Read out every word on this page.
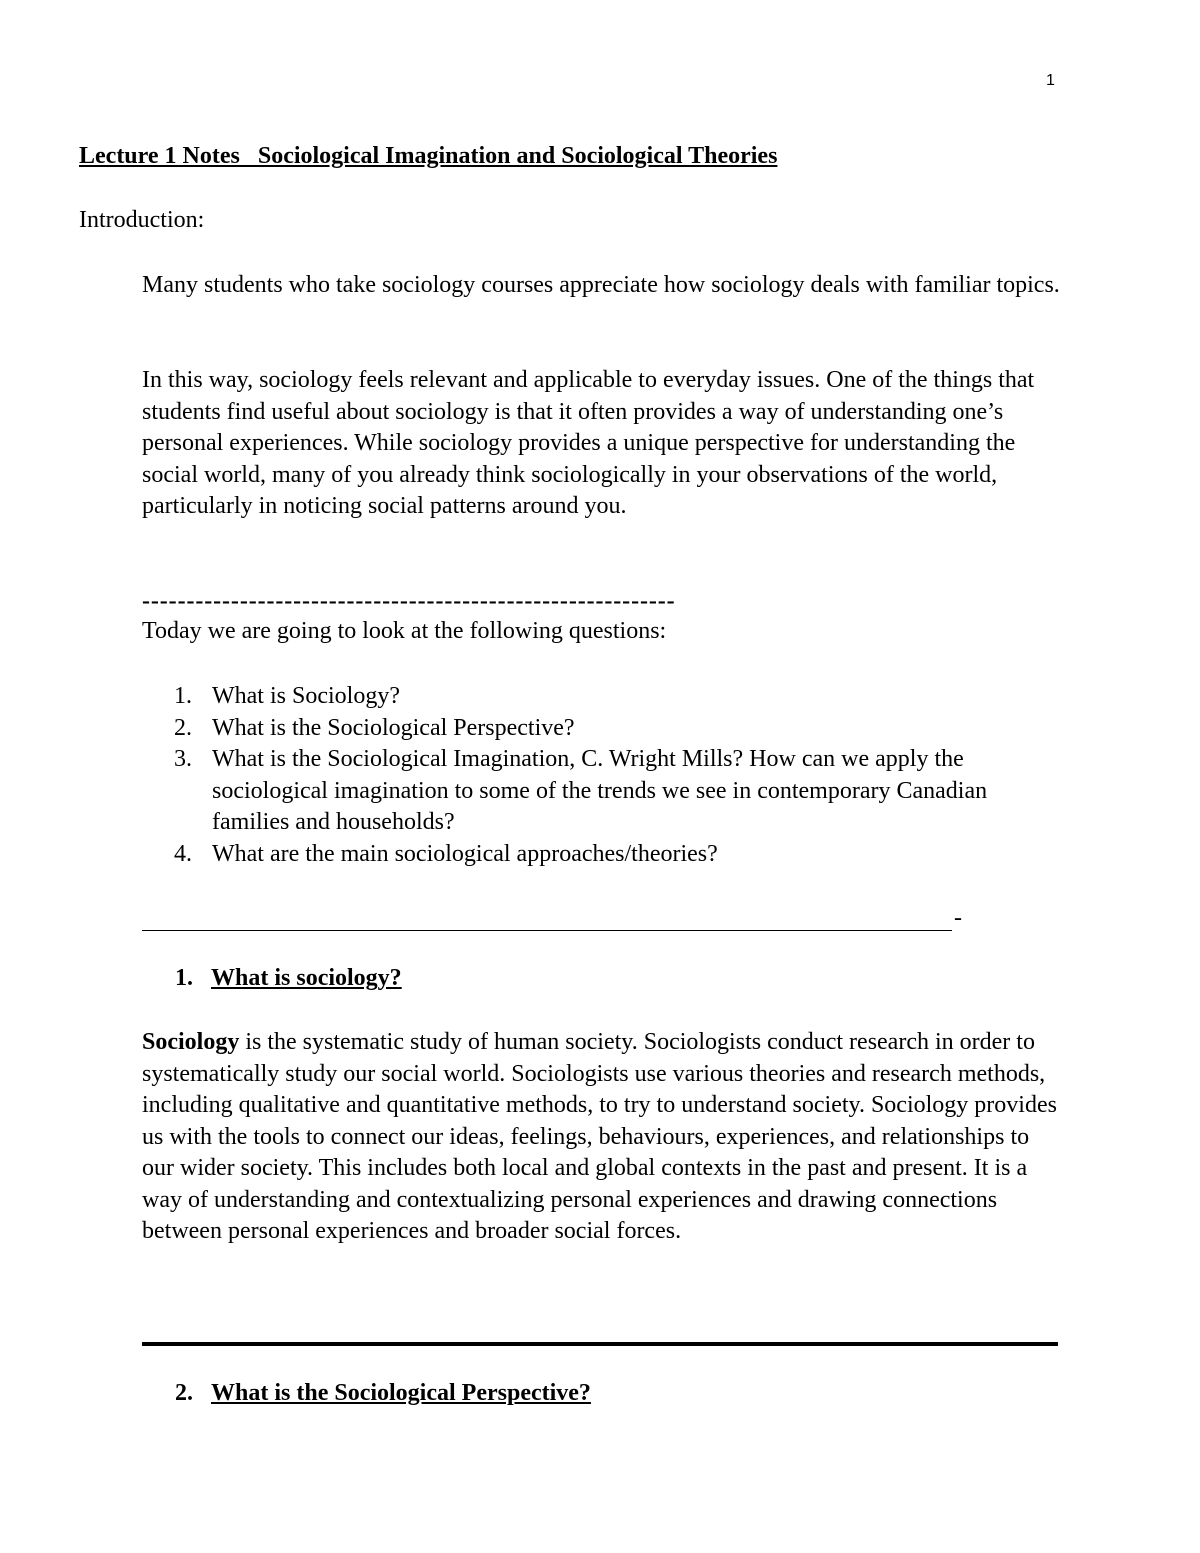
1
Lecture 1 Notes   Sociological Imagination and Sociological Theories
Introduction:
Many students who take sociology courses appreciate how sociology deals with familiar topics.
In this way, sociology feels relevant and applicable to everyday issues. One of the things that students find useful about sociology is that it often provides a way of understanding one’s personal experiences. While sociology provides a unique perspective for understanding the social world, many of you already think sociologically in your observations of the world, particularly in noticing social patterns around you.
------------------------------------------------------------
Today we are going to look at the following questions:
1. What is Sociology?
2. What is the Sociological Perspective?
3. What is the Sociological Imagination, C. Wright Mills? How can we apply the sociological imagination to some of the trends we see in contemporary Canadian families and households?
4. What are the main sociological approaches/theories?
-
1. What is sociology?
Sociology is the systematic study of human society. Sociologists conduct research in order to systematically study our social world. Sociologists use various theories and research methods, including qualitative and quantitative methods, to try to understand society. Sociology provides us with the tools to connect our ideas, feelings, behaviours, experiences, and relationships to our wider society. This includes both local and global contexts in the past and present. It is a way of understanding and contextualizing personal experiences and drawing connections between personal experiences and broader social forces.
2. What is the Sociological Perspective?
